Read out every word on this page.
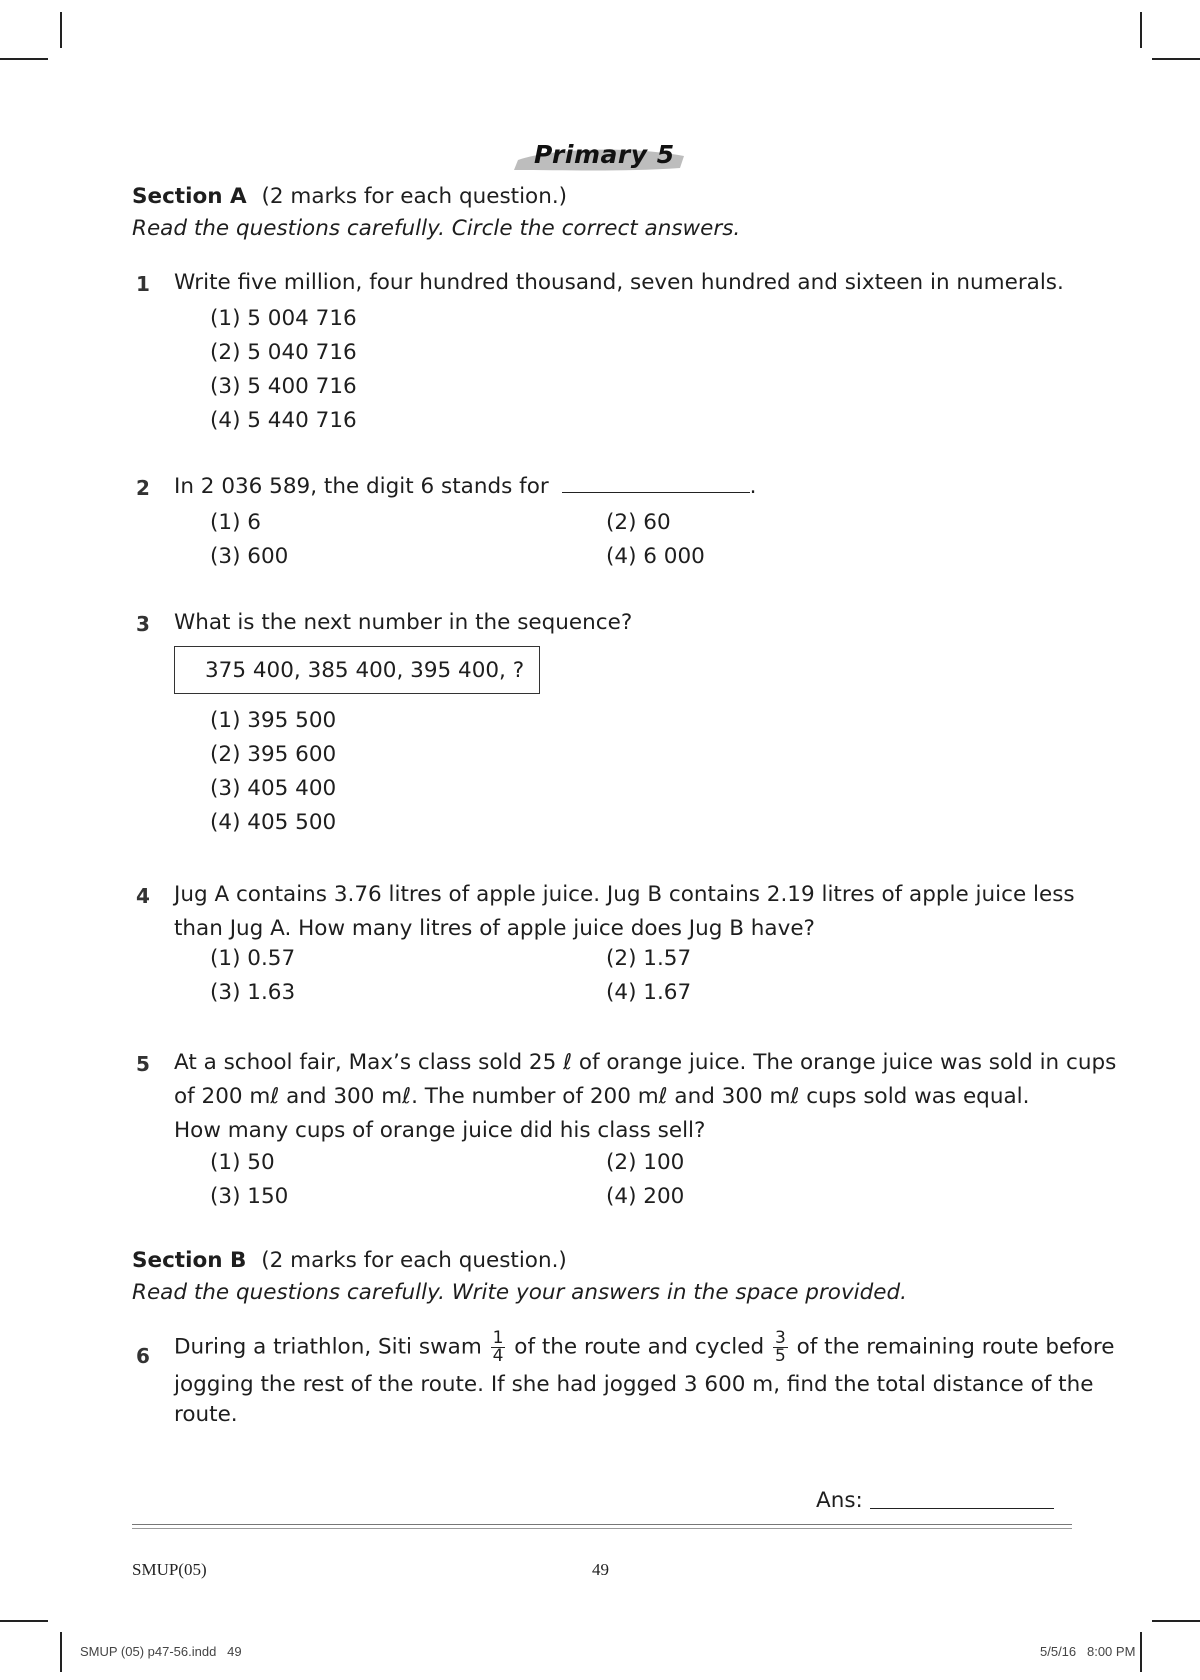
Primary 5
Section A (2 marks for each question.)
Read the questions carefully. Circle the correct answers.
1 Write five million, four hundred thousand, seven hundred and sixteen in numerals.
(1) 5 004 716
(2) 5 040 716
(3) 5 400 716
(4) 5 440 716
2 In 2 036 589, the digit 6 stands for	.
(1) 6	(2) 60
(3) 600	(4) 6 000
3 What is the next number in the sequence?
375 400, 385 400, 395 400, ?
(1) 395 500
(2) 395 600
(3) 405 400
(4) 405 500
4 Jug A contains 3.76 litres of apple juice. Jug B contains 2.19 litres of apple juice less
than Jug A. How many litres of apple juice does Jug B have?
(1) 0.57	(2) 1.57
(3) 1.63	(4) 1.67
5 At a school fair, Max’s class sold 25 ℓ of orange juice. The orange juice was sold in cups
of 200 mℓ and 300 mℓ. The number of 200 mℓ and 300 mℓ cups sold was equal.
How many cups of orange juice did his class sell?
(1) 50	(2) 100
(3) 150	(4) 200
Section B (2 marks for each question.)
Read the questions carefully. Write your answers in the space provided.
6 During a triathlon, Siti swam $\frac{1}{4}$ of the route and cycled $\frac{3}{5}$ of the remaining route before
jogging the rest of the route. If she had jogged 3 600 m, find the total distance of the
route.
Ans:
SMUP(05)	49
SMUP (05) p47-56.indd   49	5/5/16   8:00 PM
